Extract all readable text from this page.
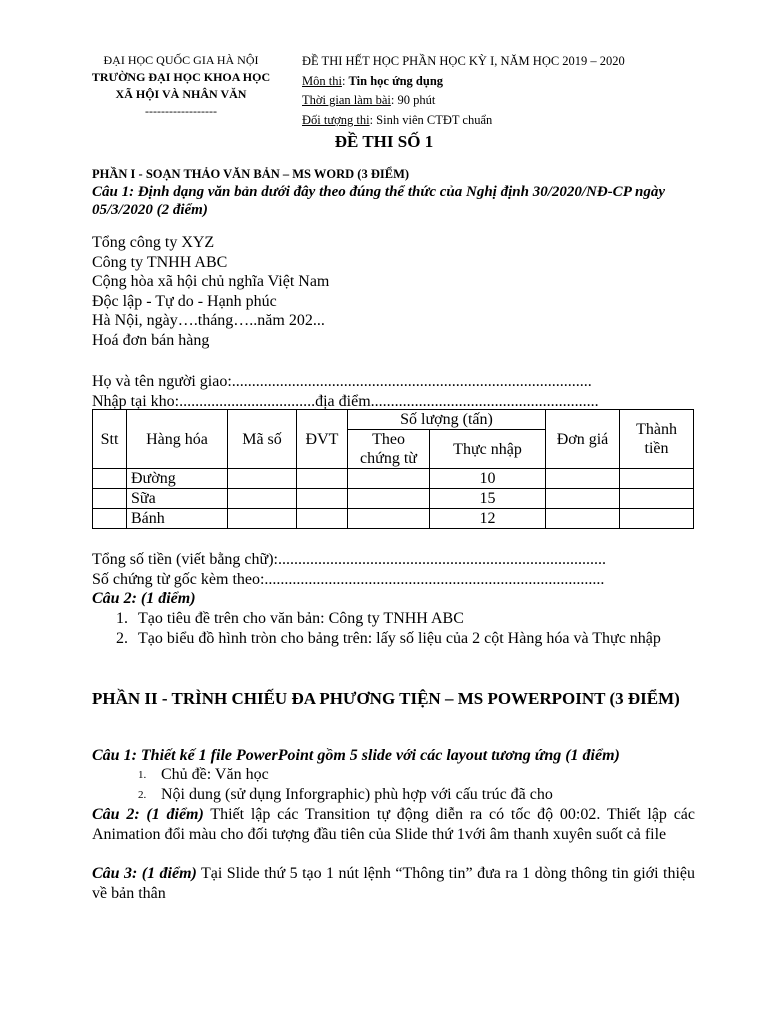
ĐẠI HỌC QUỐC GIA HÀ NỘI
TRƯỜNG ĐẠI HỌC KHOA HỌC
XÃ HỘI VÀ NHÂN VĂN
------------------
ĐỀ THI HẾT HỌC PHẦN HỌC KỲ I, NĂM HỌC 2019 – 2020
Môn thi: Tin học ứng dụng
Thời gian làm bài: 90 phút
Đối tượng thi: Sinh viên CTĐT chuẩn
ĐỀ THI SỐ 1
PHẦN I - SOẠN THẢO VĂN BẢN – MS WORD (3 ĐIỂM)
Câu 1: Định dạng văn bản dưới đây theo đúng thể thức của Nghị định 30/2020/NĐ-CP ngày 05/3/2020 (2 điểm)
Tổng công ty XYZ
Công ty TNHH ABC
Cộng hòa xã hội chủ nghĩa Việt Nam
Độc lập - Tự do - Hạnh phúc
Hà Nội, ngày….tháng…..năm 202...
Hoá đơn bán hàng
Họ và tên người giao:..........................................................................................
Nhập tại kho:..................................địa điểm.........................................................
Stt	Hàng hóa	Mã số	ĐVT	Số lượng (tấn)		Đơn giá	Thành tiền

				Theo chứng từ	Thực nhập		
	Đường				10		
	Sữa				15		
	Bánh				12		
Tổng số tiền (viết bằng chữ):..................................................................................
Số chứng từ gốc kèm theo:.....................................................................................
Câu 2: (1 điểm)
1. Tạo tiêu đề trên cho văn bản: Công ty TNHH ABC
2. Tạo biểu đồ hình tròn cho bảng trên: lấy số liệu của 2 cột Hàng hóa và Thực nhập
PHẦN II - TRÌNH CHIẾU ĐA PHƯƠNG TIỆN – MS POWERPOINT (3 ĐIỂM)
Câu 1: Thiết kế 1 file PowerPoint gồm 5 slide với các layout tương ứng (1 điểm)
1. Chủ đề: Văn học
2. Nội dung (sử dụng Inforgraphic) phù hợp với cấu trúc đã cho
Câu 2: (1 điểm) Thiết lập các Transition tự động diễn ra có tốc độ 00:02. Thiết lập các Animation đổi màu cho đối tượng đầu tiên của Slide thứ 1với âm thanh xuyên suốt cả file
Câu 3: (1 điểm) Tại Slide thứ 5 tạo 1 nút lệnh “Thông tin” đưa ra 1 dòng thông tin giới thiệu về bản thân
